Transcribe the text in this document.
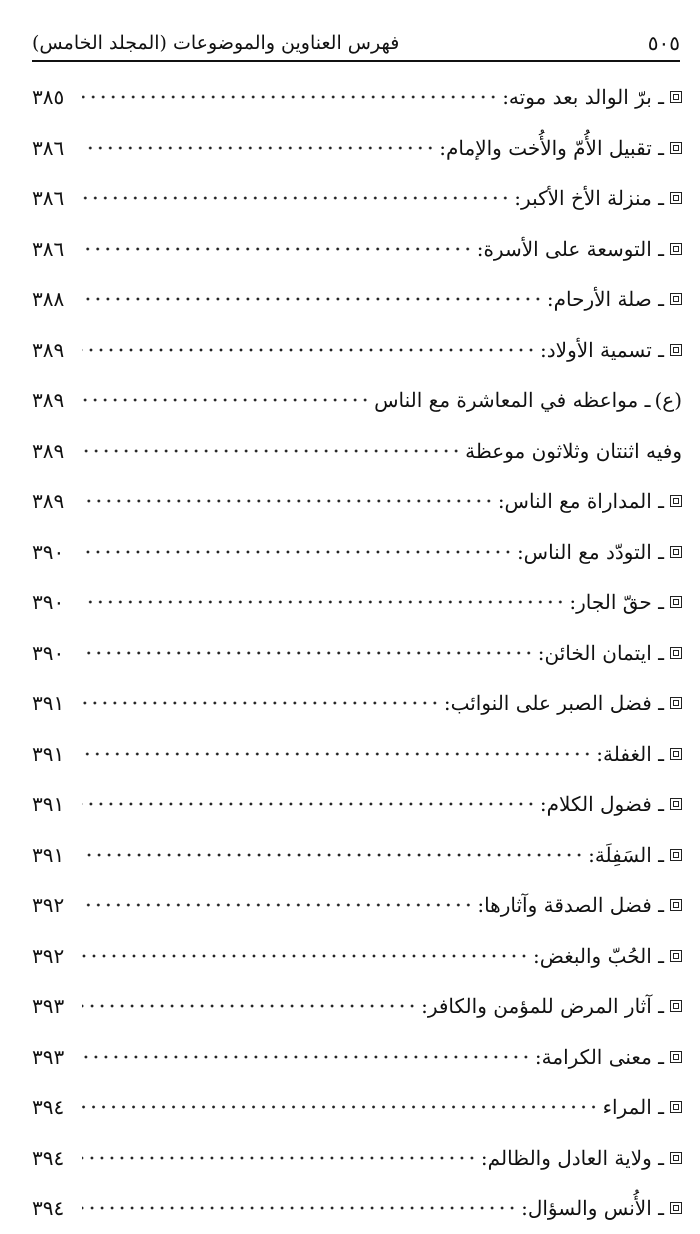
فهرس العناوين والموضوعات (المجلد الخامس)	٥٠٥
ـ برّ الوالد بعد موته:
٣٨٥
ـ تقبيل الأُمّ والأُخت والإمام:
٣٨٦
ـ منزلة الأخ الأكبر:
٣٨٦
ـ التوسعة على الأسرة:
٣٨٦
ـ صلة الأرحام:
٣٨٨
ـ تسمية الأولاد:
٣٨٩
(ع)
ـ مواعظه في المعاشرة مع الناس
٣٨٩
وفيه اثنتان وثلاثون موعظة
٣٨٩
ـ المداراة مع الناس:
٣٨٩
ـ التودّد مع الناس:
٣٩٠
ـ حقّ الجار:
٣٩٠
ـ ايتمان الخائن:
٣٩٠
ـ فضل الصبر على النوائب:
٣٩١
ـ الغفلة:
٣٩١
ـ فضول الكلام:
٣٩١
ـ السَفِلَة:
٣٩١
ـ فضل الصدقة وآثارها:
٣٩٢
ـ الحُبّ والبغض:
٣٩٢
ـ آثار المرض للمؤمن والكافر:
٣٩٣
ـ معنى الكرامة:
٣٩٣
ـ المراء
٣٩٤
ـ ولاية العادل والظالم:
٣٩٤
ـ الأُنس والسؤال:
٣٩٤
